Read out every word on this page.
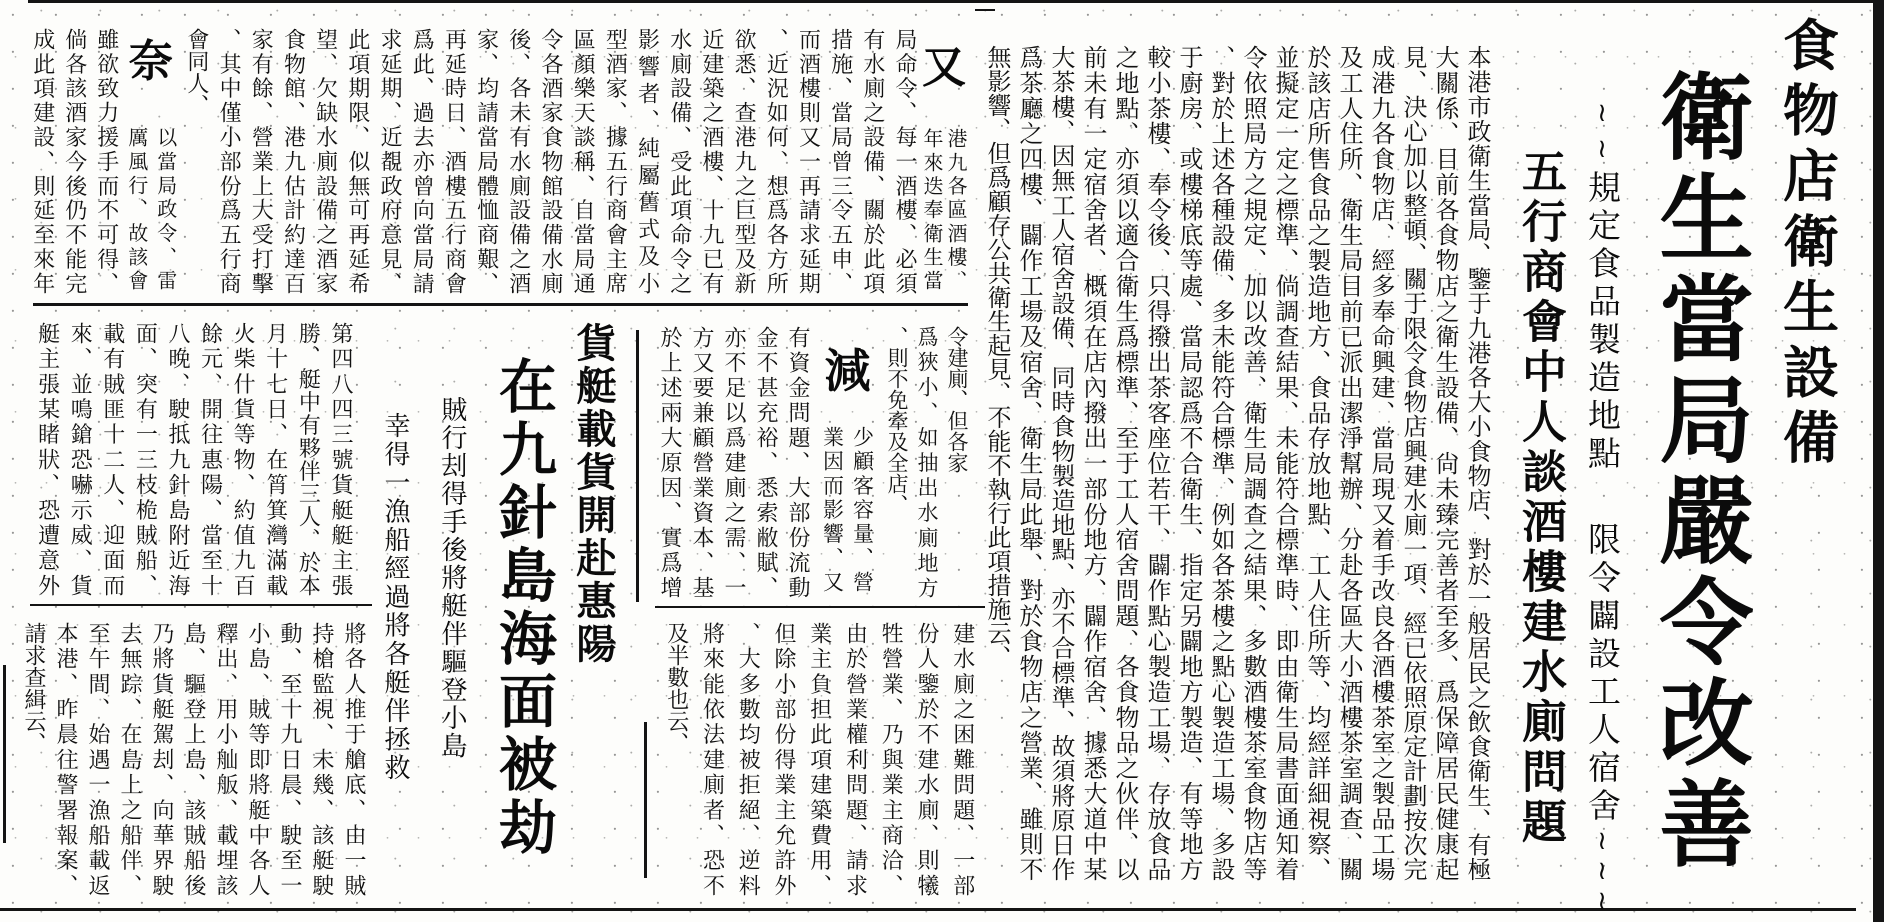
食物店衛生設備
衛生當局嚴令改善
≀≀規定食品製造地點限令闢設工人宿舍≀≀≀
五行商會中人談酒樓建水廁問題
本港市政衛生當局、鑒于九港各大小食物店、對於一般居民之飲食衛生、有極
大關係、目前各食物店之衛生設備、尙未臻完善者至多、爲保障居民健康起
見、決心加以整頓、關于限令食物店興建水廁一項、經已依照原定計劃按次完
成港九各食物店、經多奉命興建、當局現又着手改良各酒樓茶室之製品工場
及工人住所、衛生局目前已派出潔淨幫辦、分赴各區大小酒樓茶室調查、關
於該店所售食品之製造地方、食品存放地點、工人住所等、均經詳細視察、
並擬定一定之標準、倘調查結果、未能符合標準時、即由衛生局書面通知着
令依照局方之規定、加以改善、衛生局調查之結果、多數酒樓茶室食物店等
、對於上述各種設備、多未能符合標準、例如各茶樓之點心製造工場、多設
于廚房、或樓梯底等處、當局認爲不合衛生、指定另闢地方製造、有等地方
較小茶樓、奉令後、只得撥出茶客座位若干、闢作點心製造工場、存放食品
之地點、亦須以適合衛生爲標準、至于工人宿舍問題、各食物品之伙伴、以
前未有一定宿舍者、概須在店內撥出一部份地方、闢作宿舍、據悉大道中某
大茶樓、因無工人宿舍設備、同時食物製造地點、亦不合標準、故須將原日作
爲茶廳之四樓、闢作工場及宿舍、衛生局此舉、對於食物店之營業、雖則不
無影響、但爲顧存公共衛生起見、不能不執行此項措施云、
又
港九各區酒樓、
年來迭奉衛生當
局命令、每一酒樓、必須
有水廁之設備、關於此項
措施、當局曾三令五申、
而酒樓則又一再請求延期
、近況如何、想爲各方所
欲悉、查港九之巨型及新
近建築之酒樓、十九已有
水廁設備、受此項命令之
影響者、純屬舊式及小
型酒家、據五行商會主席
區顏樂天談稱、自當局通
令各酒家食物館設備水廁
後、各未有水廁設備之酒
家、均請當局體恤商艱、
再延時日、酒樓五行商會
爲此、過去亦曾向當局請
求延期、近覩政府意見、
此項期限、似無可再延希
望、欠缺水廁設備之酒家
食物館、港九估計約達百
家有餘、營業上大受打擊
、其中僅小部份爲五行商
會同人、
奈
以當局政令、雷
厲風行、故該會
雖欲致力援手而不可得、
倘各該酒家今後仍不能完
成此項建設、則延至來年
令建廁、但各家
爲狹小、如抽出水廁地方
、則不免牽及全店、
減
少顧客容量、營
業因而影響、又
有資金問題、大部份流動
金不甚充裕、悉索敝賦、
亦不足以爲建廁之需、一
方又要兼顧營業資本、基
於上述兩大原因、實爲增
建水廁之困難問題、一部
份人鑒於不建水廁、則犧
牲營業、乃與業主商洽、
由於營業權利問題、請求
業主負担此項建築費用、
但除小部份得業主允許外
、大多數均被拒絕、逆料
將來能依法建廁者、恐不
及半數也云、
貨艇載貨開赴惠陽
在九針島海面被劫
賊行刦得手後將艇伴驅登小島
幸得一漁船經過將各艇伴拯救
第四八四三號貨艇艇主張
勝、艇中有夥伴三人、於本
月十七日、在筲箕灣滿載
火柴什貨等物、約值九百
餘元、開往惠陽、當至十
八晚、駛抵九針島附近海
面、突有一三枝桅賊船、
載有賊匪十二人、迎面而
來、並鳴鎗恐嚇示威、貨
艇主張某睹狀、恐遭意外
將各人推于艙底、由一賊
持槍監視、未幾、該艇駛
動、至十九日晨、駛至一
小島、賊等即將艇中各人
釋出、用小舢舨、載埋該
島、驅登上島、該賊船後
乃將貨艇駕刦、向華界駛
去無踪、在島上之船伴、
至午間、始遇一漁船載返
本港、昨晨往警署報案、
請求查緝云、
